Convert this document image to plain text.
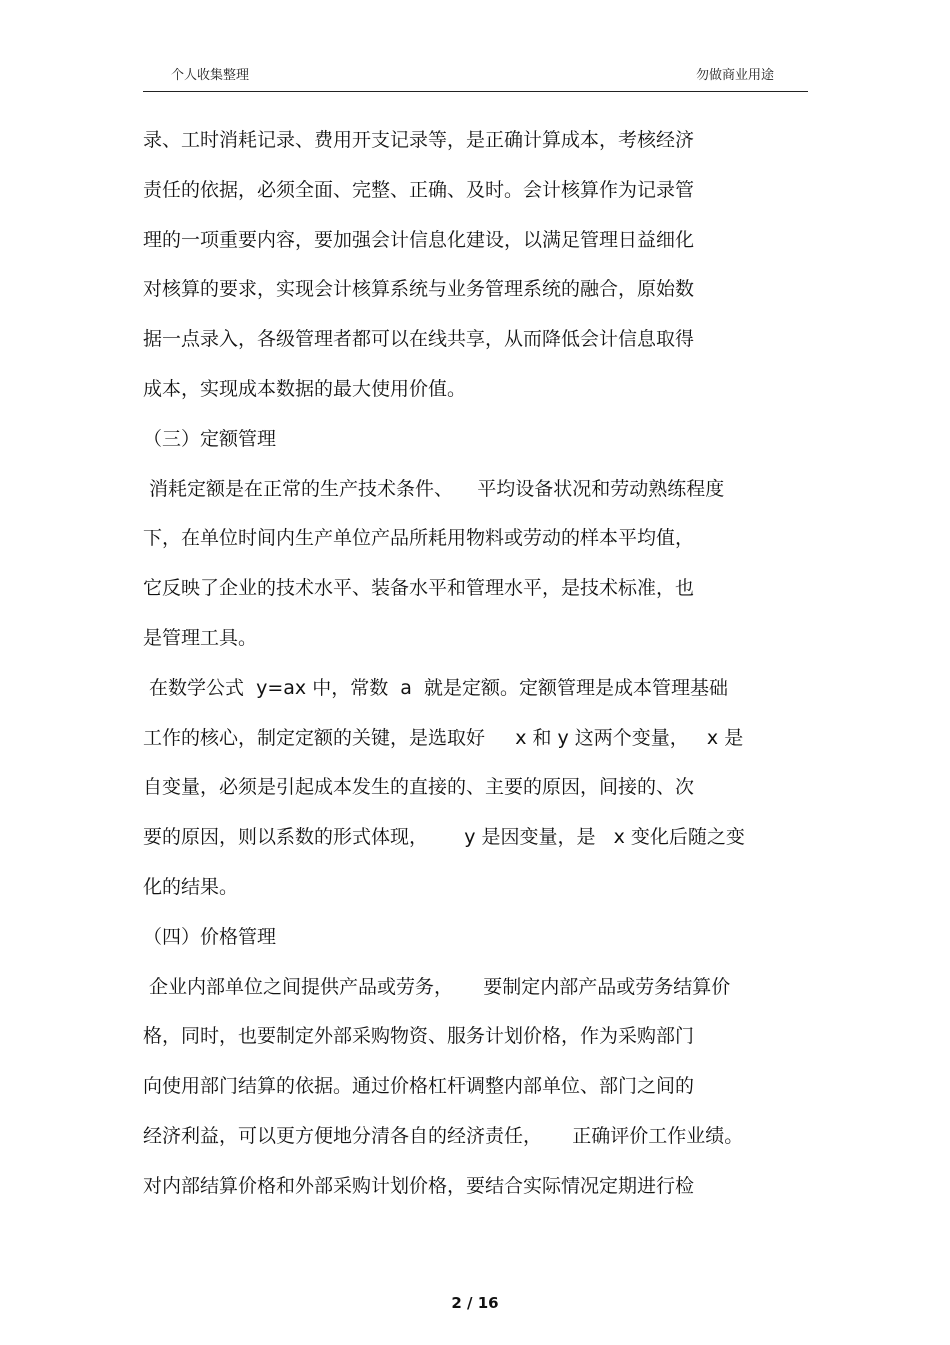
个人收集整理	勿做商业用途
录、工时消耗记录、费用开支记录等，是正确计算成本，考核经济
责任的依据，必须全面、完整、正确、及时。会计核算作为记录管
理的一项重要内容，要加强会计信息化建设，以满足管理日益细化
对核算的要求，实现会计核算系统与业务管理系统的融合，原始数
据一点录入，各级管理者都可以在线共享，从而降低会计信息取得
成本，实现成本数据的最大使用价值。
（三）定额管理
消耗定额是在正常的生产技术条件、    平均设备状况和劳动熟练程度
下，在单位时间内生产单位产品所耗用物料或劳动的样本平均值，
它反映了企业的技术水平、装备水平和管理水平，是技术标准，也
是管理工具。
在数学公式  y=ax 中，常数  a  就是定额。定额管理是成本管理基础
工作的核心，制定定额的关键，是选取好     x 和 y 这两个变量，   x 是
自变量，必须是引起成本发生的直接的、主要的原因，间接的、次
要的原因，则以系数的形式体现，      y 是因变量，是   x 变化后随之变
化的结果。
（四）价格管理
企业内部单位之间提供产品或劳务，     要制定内部产品或劳务结算价
格，同时，也要制定外部采购物资、服务计划价格，作为采购部门
向使用部门结算的依据。通过价格杠杆调整内部单位、部门之间的
经济利益，可以更方便地分清各自的经济责任，     正确评价工作业绩。
对内部结算价格和外部采购计划价格，要结合实际情况定期进行检
2 / 16
